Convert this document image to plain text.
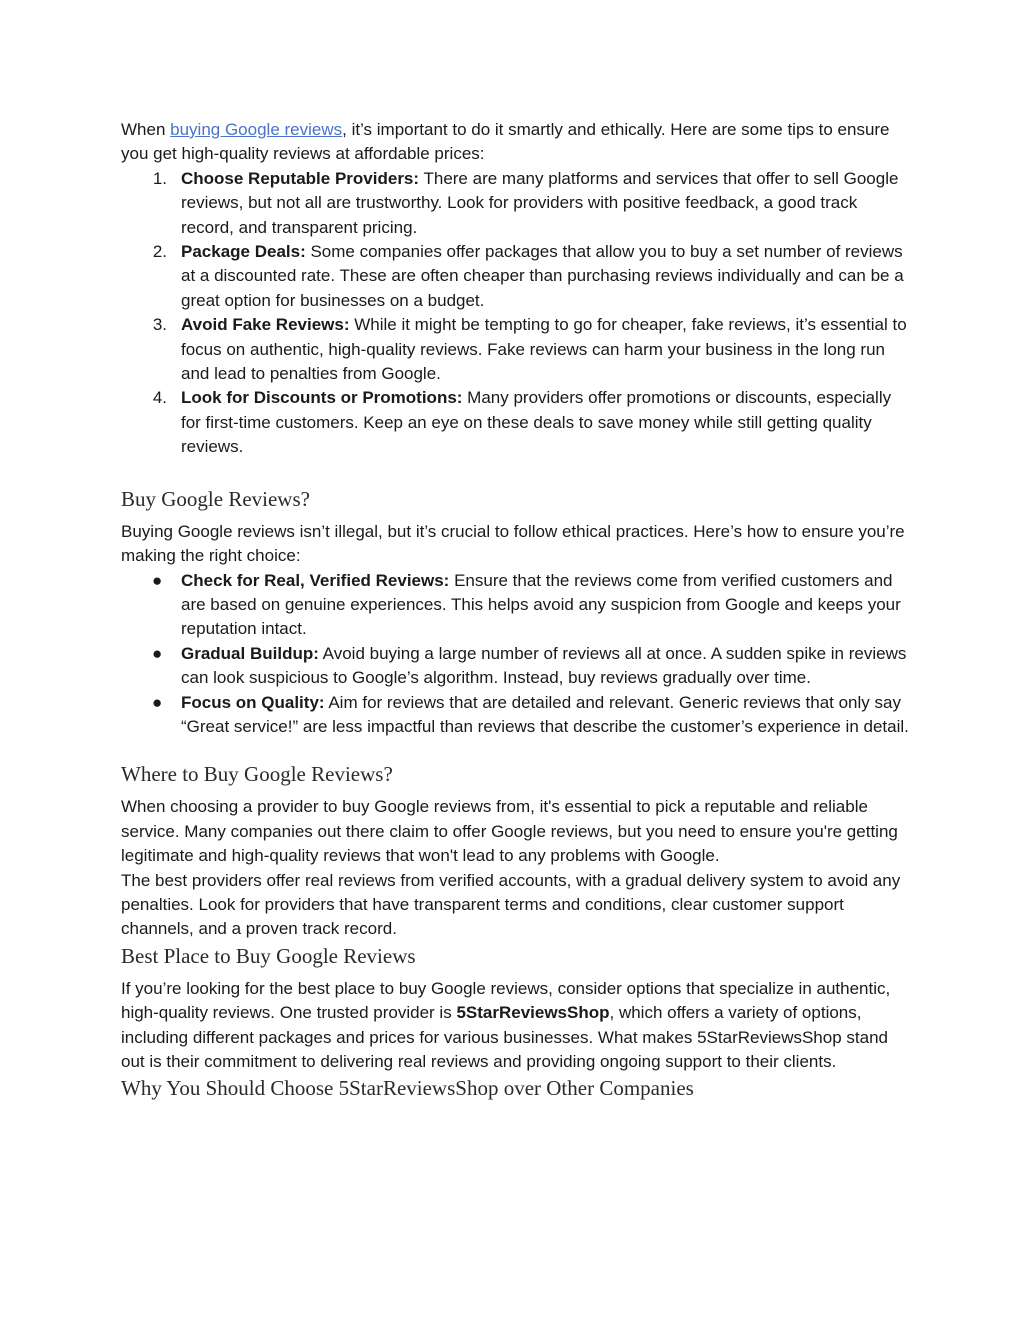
When buying Google reviews, it’s important to do it smartly and ethically. Here are some tips to ensure you get high-quality reviews at affordable prices:

1. Choose Reputable Providers: There are many platforms and services that offer to sell Google reviews, but not all are trustworthy. Look for providers with positive feedback, a good track record, and transparent pricing.
2. Package Deals: Some companies offer packages that allow you to buy a set number of reviews at a discounted rate. These are often cheaper than purchasing reviews individually and can be a great option for businesses on a budget.
3. Avoid Fake Reviews: While it might be tempting to go for cheaper, fake reviews, it’s essential to focus on authentic, high-quality reviews. Fake reviews can harm your business in the long run and lead to penalties from Google.
4. Look for Discounts or Promotions: Many providers offer promotions or discounts, especially for first-time customers. Keep an eye on these deals to save money while still getting quality reviews.
Buy Google Reviews?

Buying Google reviews isn’t illegal, but it’s crucial to follow ethical practices. Here’s how to ensure you’re making the right choice:

● Check for Real, Verified Reviews: Ensure that the reviews come from verified customers and are based on genuine experiences. This helps avoid any suspicion from Google and keeps your reputation intact.
● Gradual Buildup: Avoid buying a large number of reviews all at once. A sudden spike in reviews can look suspicious to Google’s algorithm. Instead, buy reviews gradually over time.
● Focus on Quality: Aim for reviews that are detailed and relevant. Generic reviews that only say “Great service!” are less impactful than reviews that describe the customer’s experience in detail.
Where to Buy Google Reviews?

When choosing a provider to buy Google reviews from, it's essential to pick a reputable and reliable service. Many companies out there claim to offer Google reviews, but you need to ensure you're getting legitimate and high-quality reviews that won't lead to any problems with Google.

The best providers offer real reviews from verified accounts, with a gradual delivery system to avoid any penalties. Look for providers that have transparent terms and conditions, clear customer support channels, and a proven track record.

Best Place to Buy Google Reviews

If you’re looking for the best place to buy Google reviews, consider options that specialize in authentic, high-quality reviews. One trusted provider is 5StarReviewsShop, which offers a variety of options, including different packages and prices for various businesses. What makes 5StarReviewsShop stand out is their commitment to delivering real reviews and providing ongoing support to their clients.

Why You Should Choose 5StarReviewsShop over Other Companies
